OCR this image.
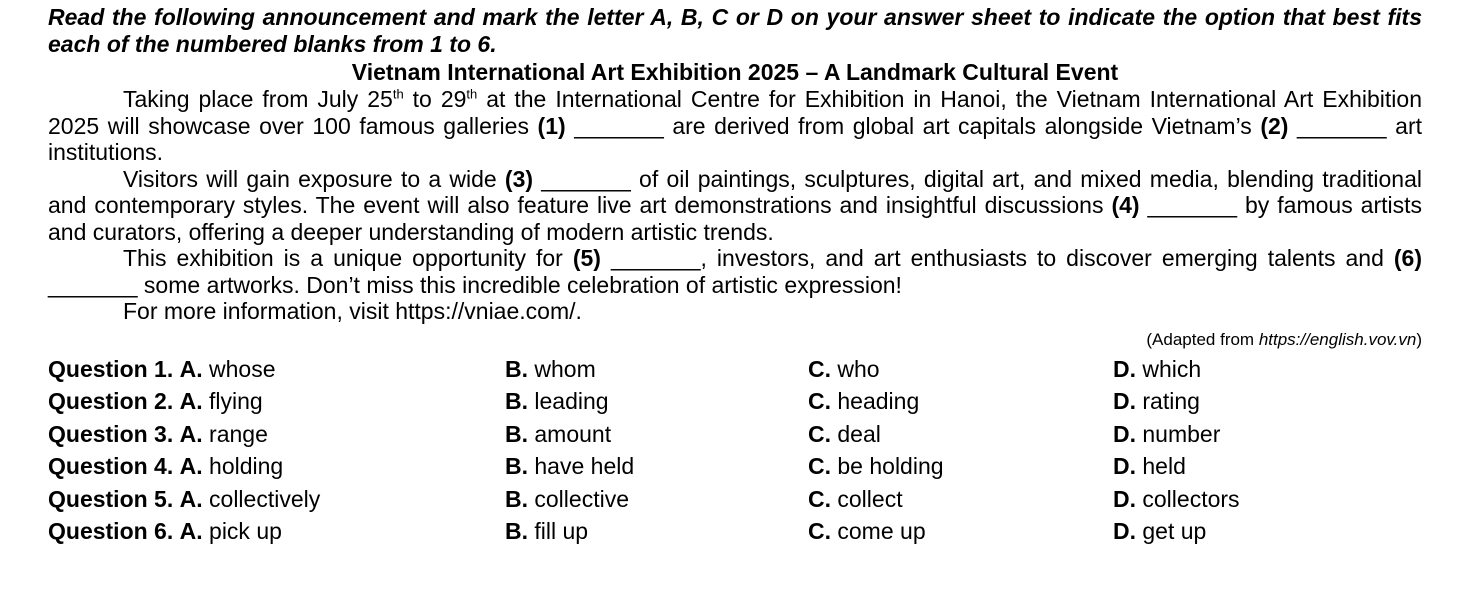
Read the following announcement and mark the letter A, B, C or D on your answer sheet to indicate the option that best fits each of the numbered blanks from 1 to 6.

Vietnam International Art Exhibition 2025 – A Landmark Cultural Event

Taking place from July 25th to 29th at the International Centre for Exhibition in Hanoi, the Vietnam International Art Exhibition 2025 will showcase over 100 famous galleries (1) _______ are derived from global art capitals alongside Vietnam’s (2) _______ art institutions.

Visitors will gain exposure to a wide (3) _______ of oil paintings, sculptures, digital art, and mixed media, blending traditional and contemporary styles. The event will also feature live art demonstrations and insightful discussions (4) _______ by famous artists and curators, offering a deeper understanding of modern artistic trends.

This exhibition is a unique opportunity for (5) _______, investors, and art enthusiasts to discover emerging talents and (6) _______ some artworks. Don’t miss this incredible celebration of artistic expression!

For more information, visit https://vniae.com/.

(Adapted from https://english.vov.vn)

Question 1. A. whose	B. whom	C. who	D. which
Question 2. A. flying	B. leading	C. heading	D. rating
Question 3. A. range	B. amount	C. deal	D. number
Question 4. A. holding	B. have held	C. be holding	D. held
Question 5. A. collectively	B. collective	C. collect	D. collectors
Question 6. A. pick up	B. fill up	C. come up	D. get up
